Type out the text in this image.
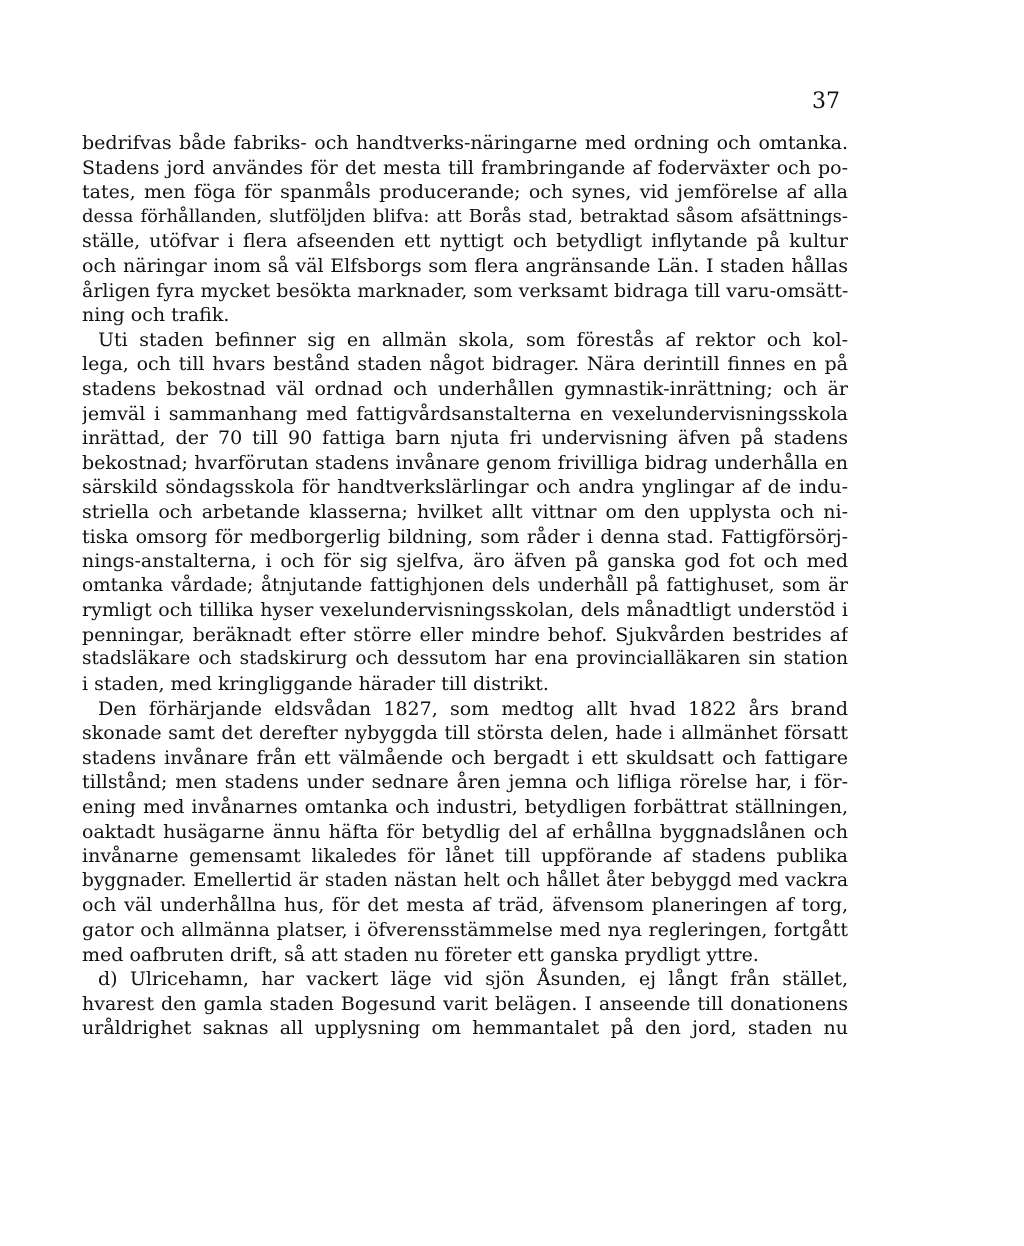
37
bedrifvas både fabriks- och handtverks-näringarne med ordning och omtanka.
Stadens jord användes för det mesta till frambringande af foderväxter och po-
tates, men föga för spanmåls producerande; och synes, vid jemförelse af alla
dessa förhållanden, slutföljden blifva: att Borås stad, betraktad såsom afsättnings-
ställe, utöfvar i flera afseenden ett nyttigt och betydligt inflytande på kultur
och näringar inom så väl Elfsborgs som flera angränsande Län. I staden hållas
årligen fyra mycket besökta marknader, som verksamt bidraga till varu-omsätt-
ning och trafik.
Uti staden befinner sig en allmän skola, som förestås af rektor och kol-
lega, och till hvars bestånd staden något bidrager. Nära derintill finnes en på
stadens bekostnad väl ordnad och underhållen gymnastik-inrättning; och är
jemväl i sammanhang med fattigvårdsanstalterna en vexelundervisningsskola
inrättad, der 70 till 90 fattiga barn njuta fri undervisning äfven på stadens
bekostnad; hvarförutan stadens invånare genom frivilliga bidrag underhålla en
särskild söndagsskola för handtverkslärlingar och andra ynglingar af de indu-
striella och arbetande klasserna; hvilket allt vittnar om den upplysta och ni-
tiska omsorg för medborgerlig bildning, som råder i denna stad. Fattigförsörj-
nings-anstalterna, i och för sig sjelfva, äro äfven på ganska god fot och med
omtanka vårdade; åtnjutande fattighjonen dels underhåll på fattighuset, som är
rymligt och tillika hyser vexelundervisningsskolan, dels månadtligt understöd i
penningar, beräknadt efter större eller mindre behof. Sjukvården bestrides af
stadsläkare och stadskirurg och dessutom har ena provincialläkaren sin station
i staden, med kringliggande härader till distrikt.
Den förhärjande eldsvådan 1827, som medtog allt hvad 1822 års brand
skonade samt det derefter nybyggda till största delen, hade i allmänhet försatt
stadens invånare från ett välmående och bergadt i ett skuldsatt och fattigare
tillstånd; men stadens under sednare åren jemna och lifliga rörelse har, i för-
ening med invånarnes omtanka och industri, betydligen forbättrat ställningen,
oaktadt husägarne ännu häfta för betydlig del af erhållna byggnadslånen och
invånarne gemensamt likaledes för lånet till uppförande af stadens publika
byggnader. Emellertid är staden nästan helt och hållet åter bebyggd med vackra
och väl underhållna hus, för det mesta af träd, äfvensom planeringen af torg,
gator och allmänna platser, i öfverensstämmelse med nya regleringen, fortgått
med oafbruten drift, så att staden nu företer ett ganska prydligt yttre.
d) Ulricehamn, har vackert läge vid sjön Åsunden, ej långt från stället,
hvarest den gamla staden Bogesund varit belägen. I anseende till donationens
uråldrighet saknas all upplysning om hemmantalet på den jord, staden nu
